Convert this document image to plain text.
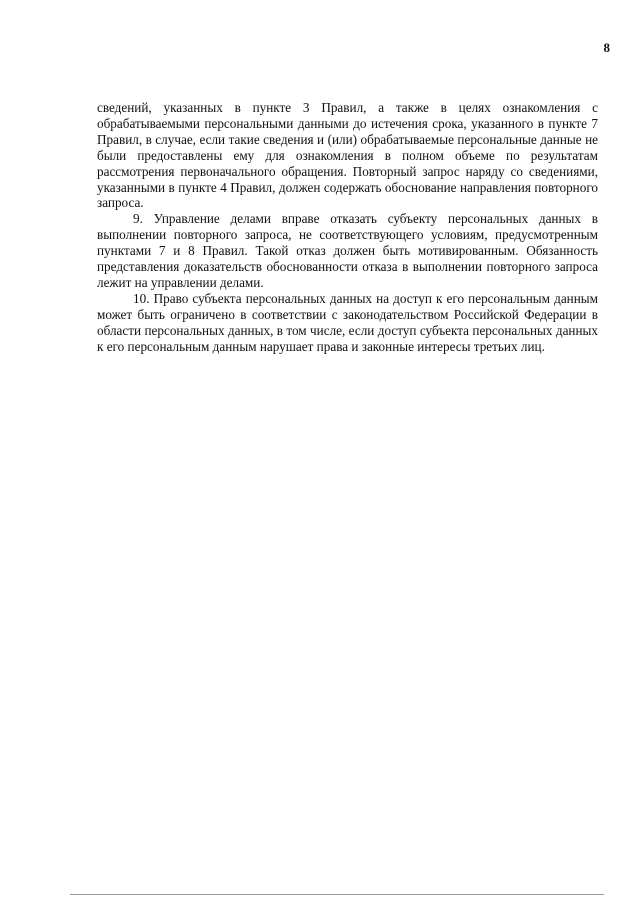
8

сведений, указанных в пункте 3 Правил, а также в целях ознакомления с обрабатываемыми персональными данными до истечения срока, указанного в пункте 7 Правил, в случае, если такие сведения и (или) обрабатываемые персональные данные не были предоставлены ему для ознакомления в полном объеме по результатам рассмотрения первоначального обращения. Повторный запрос наряду со сведениями, указанными в пункте 4 Правил, должен содержать обоснование направления повторного запроса.

9. Управление делами вправе отказать субъекту персональных данных в выполнении повторного запроса, не соответствующего условиям, предусмотренным пунктами 7 и 8 Правил. Такой отказ должен быть мотивированным. Обязанность представления доказательств обоснованности отказа в выполнении повторного запроса лежит на управлении делами.

10. Право субъекта персональных данных на доступ к его персональным данным может быть ограничено в соответствии с законодательством Российской Федерации в области персональных данных, в том числе, если доступ субъекта персональных данных к его персональным данным нарушает права и законные интересы третьих лиц.
